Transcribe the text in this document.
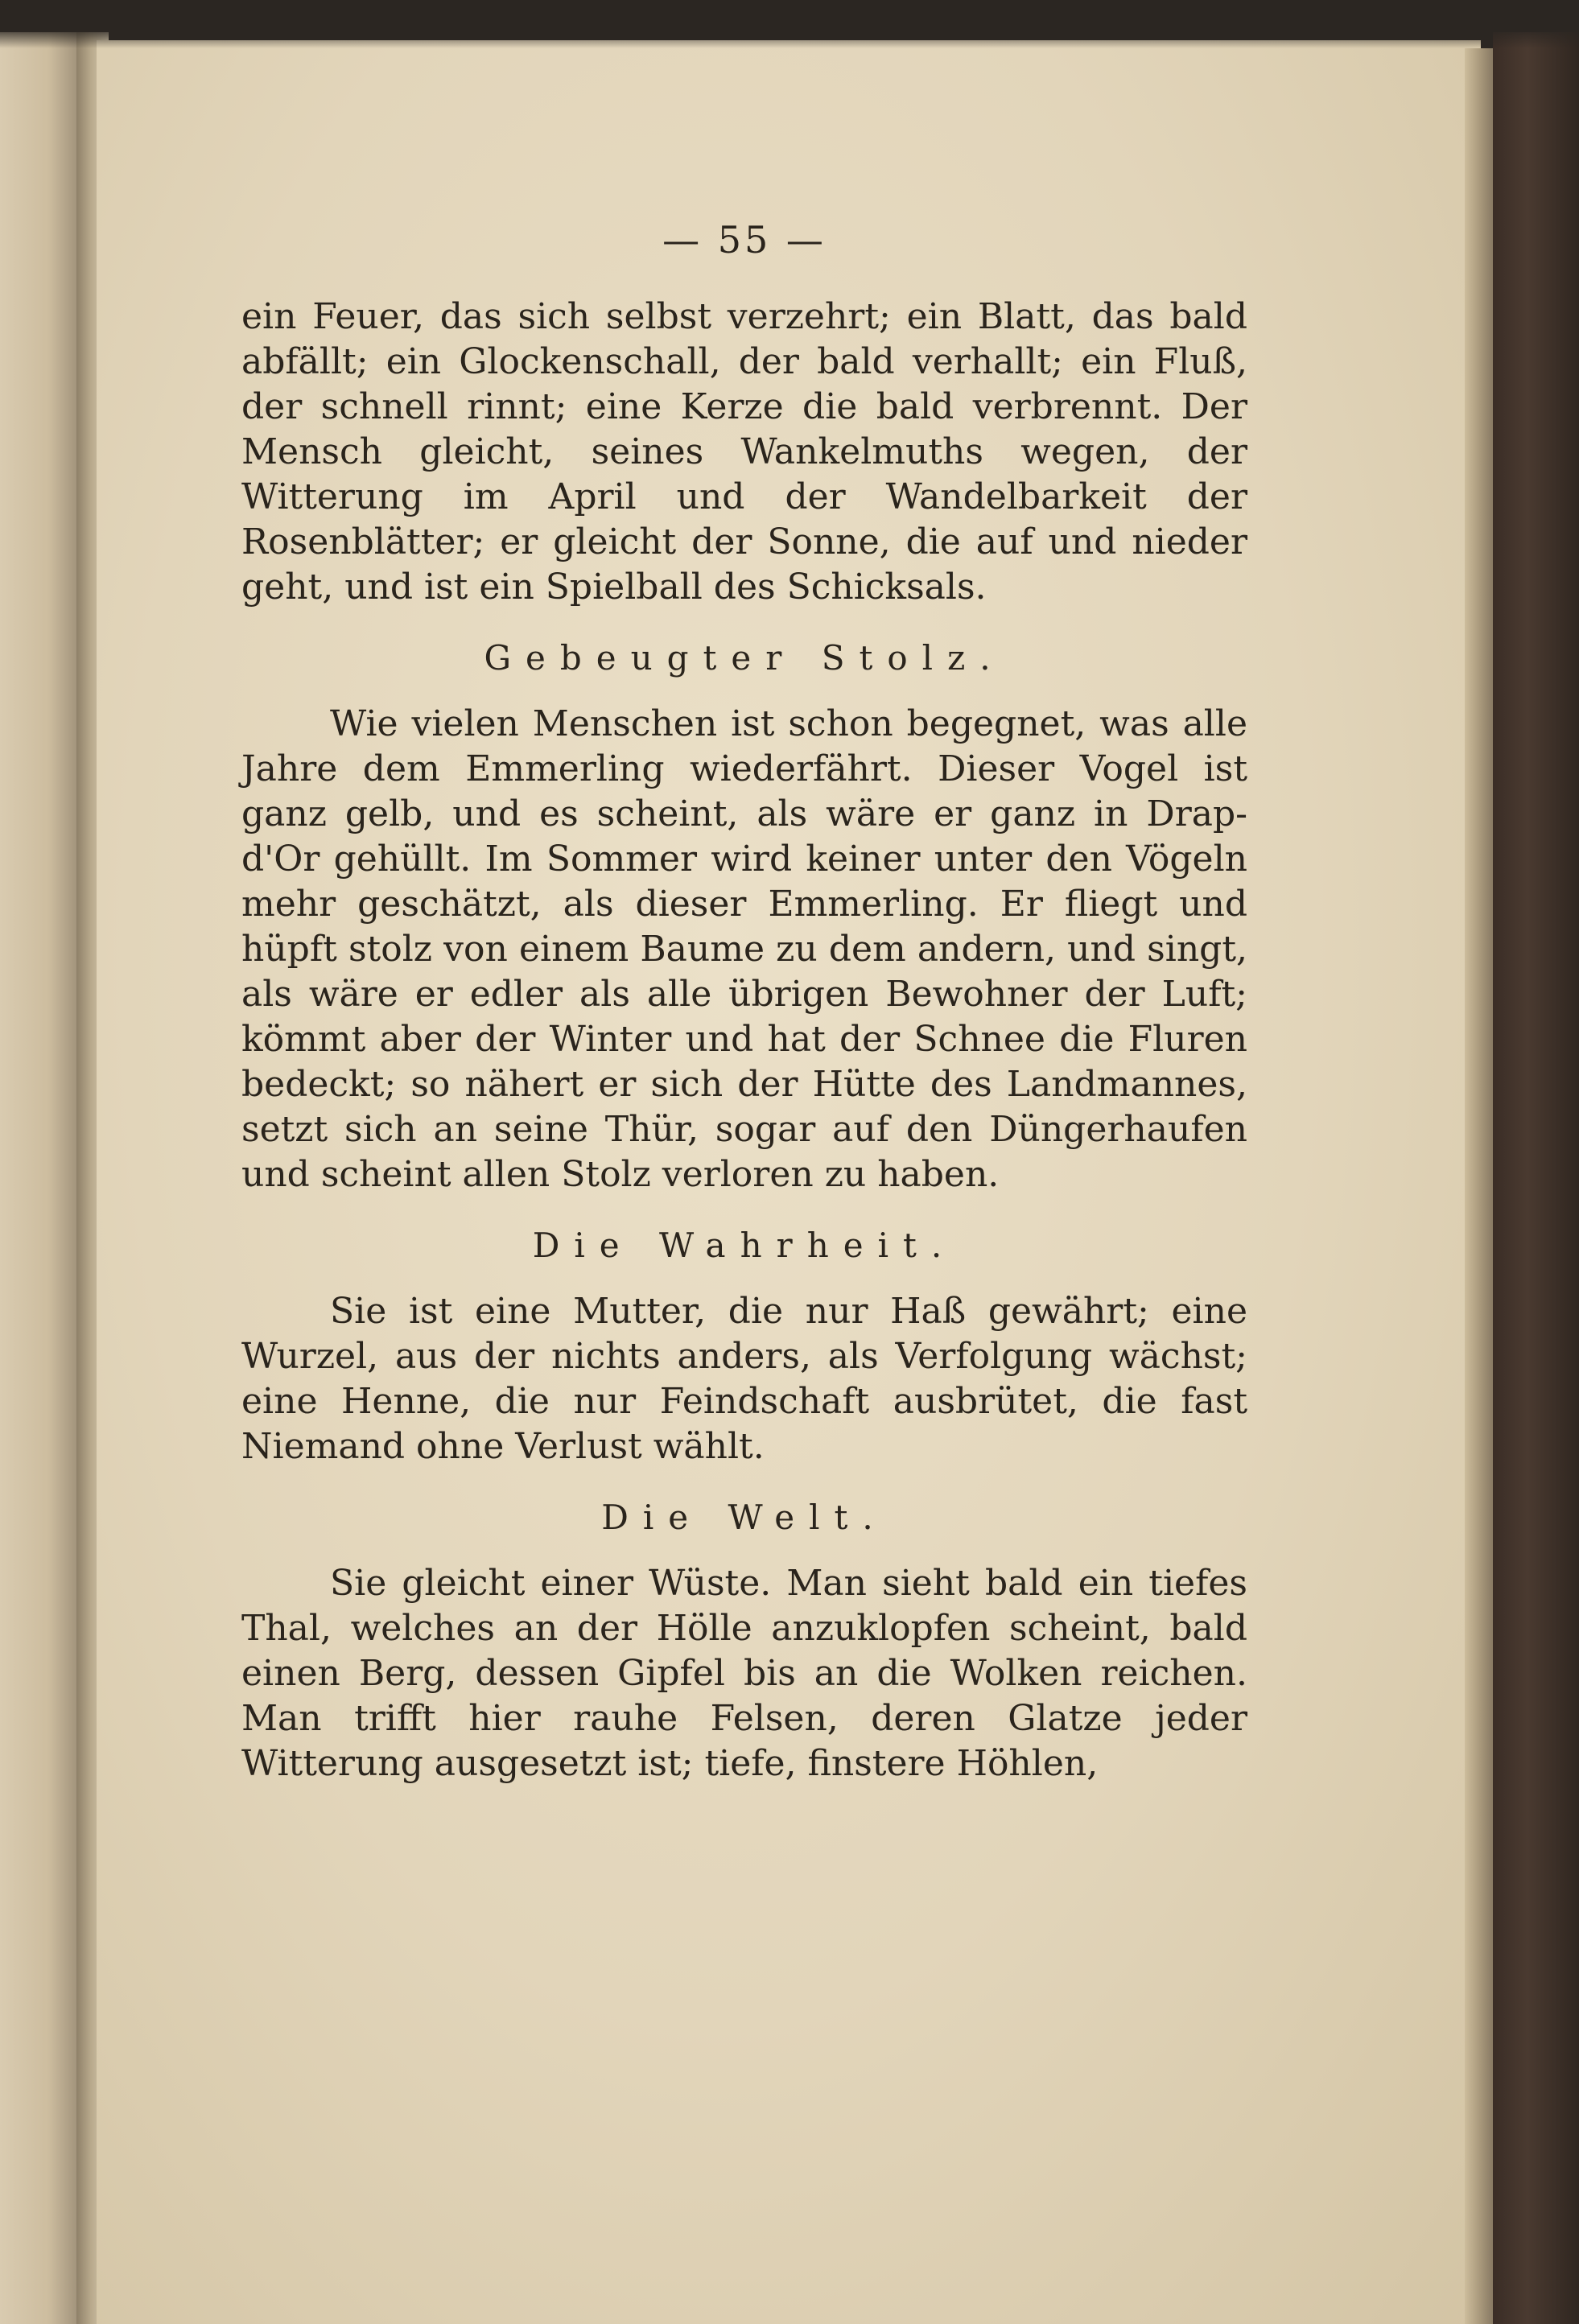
— 55 —

ein Feuer, das sich selbst verzehrt; ein Blatt, das bald abfällt; ein Glockenschall, der bald verhallt; ein Fluß, der schnell rinnt; eine Kerze die bald verbrennt. Der Mensch gleicht, seines Wankelmuths wegen, der Witterung im April und der Wandelbarkeit der Rosenblätter; er gleicht der Sonne, die auf und nieder geht, und ist ein Spielball des Schicksals.

Gebeugter Stolz.

Wie vielen Menschen ist schon begegnet, was alle Jahre dem Emmerling wiederfährt. Dieser Vogel ist ganz gelb, und es scheint, als wäre er ganz in Drap-d'Or gehüllt. Im Sommer wird keiner unter den Vögeln mehr geschätzt, als dieser Emmerling. Er fliegt und hüpft stolz von einem Baume zu dem andern, und singt, als wäre er edler als alle übrigen Bewohner der Luft; kömmt aber der Winter und hat der Schnee die Fluren bedeckt; so nähert er sich der Hütte des Landmannes, setzt sich an seine Thür, sogar auf den Düngerhaufen und scheint allen Stolz verloren zu haben.

Die Wahrheit.

Sie ist eine Mutter, die nur Haß gewährt; eine Wurzel, aus der nichts anders, als Verfolgung wächst; eine Henne, die nur Feindschaft ausbrütet, die fast Niemand ohne Verlust wählt.

Die Welt.

Sie gleicht einer Wüste. Man sieht bald ein tiefes Thal, welches an der Hölle anzuklopfen scheint, bald einen Berg, dessen Gipfel bis an die Wolken reichen. Man trifft hier rauhe Felsen, deren Glatze jeder Witterung ausgesetzt ist; tiefe, finstere Höhlen,
